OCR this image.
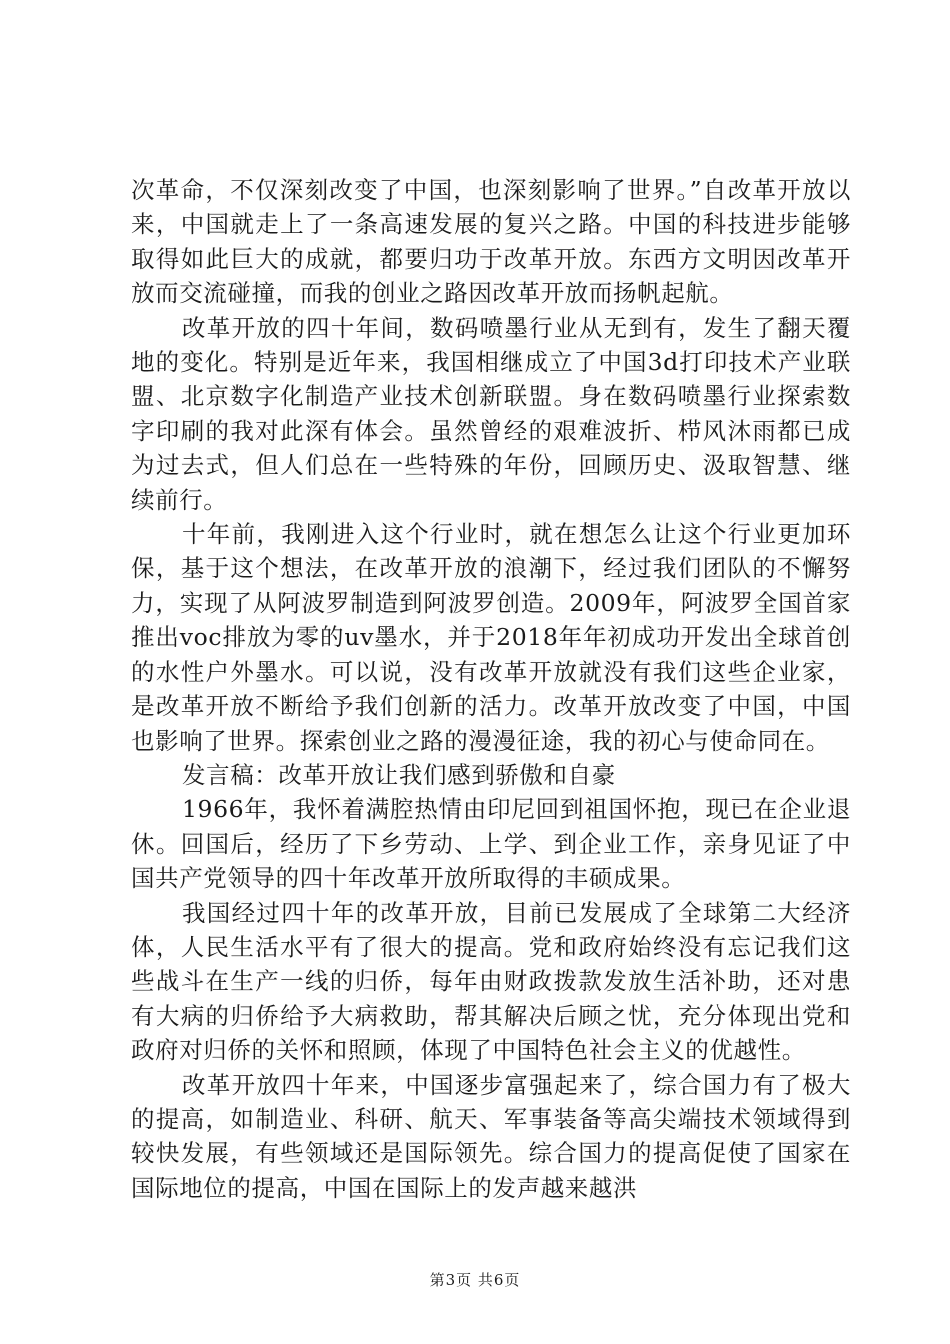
次革命，不仅深刻改变了中国，也深刻影响了世界。”自改革开放以来，中国就走上了一条高速发展的复兴之路。中国的科技进步能够取得如此巨大的成就，都要归功于改革开放。东西方文明因改革开放而交流碰撞，而我的创业之路因改革开放而扬帆起航。

改革开放的四十年间，数码喷墨行业从无到有，发生了翻天覆地的变化。特别是近年来，我国相继成立了中国3d打印技术产业联盟、北京数字化制造产业技术创新联盟。身在数码喷墨行业探索数字印刷的我对此深有体会。虽然曾经的艰难波折、栉风沐雨都已成为过去式，但人们总在一些特殊的年份，回顾历史、汲取智慧、继续前行。

十年前，我刚进入这个行业时，就在想怎么让这个行业更加环保，基于这个想法，在改革开放的浪潮下，经过我们团队的不懈努力，实现了从阿波罗制造到阿波罗创造。2009年，阿波罗全国首家推出voc排放为零的uv墨水，并于2018年年初成功开发出全球首创的水性户外墨水。可以说，没有改革开放就没有我们这些企业家，是改革开放不断给予我们创新的活力。改革开放改变了中国，中国也影响了世界。探索创业之路的漫漫征途，我的初心与使命同在。

发言稿：改革开放让我们感到骄傲和自豪

1966年，我怀着满腔热情由印尼回到祖国怀抱，现已在企业退休。回国后，经历了下乡劳动、上学、到企业工作，亲身见证了中国共产党领导的四十年改革开放所取得的丰硕成果。

我国经过四十年的改革开放，目前已发展成了全球第二大经济体，人民生活水平有了很大的提高。党和政府始终没有忘记我们这些战斗在生产一线的归侨，每年由财政拨款发放生活补助，还对患有大病的归侨给予大病救助，帮其解决后顾之忧，充分体现出党和政府对归侨的关怀和照顾，体现了中国特色社会主义的优越性。

改革开放四十年来，中国逐步富强起来了，综合国力有了极大的提高，如制造业、科研、航天、军事装备等高尖端技术领域得到较快发展，有些领域还是国际领先。综合国力的提高促使了国家在国际地位的提高，中国在国际上的发声越来越洪

第3页 共6页
